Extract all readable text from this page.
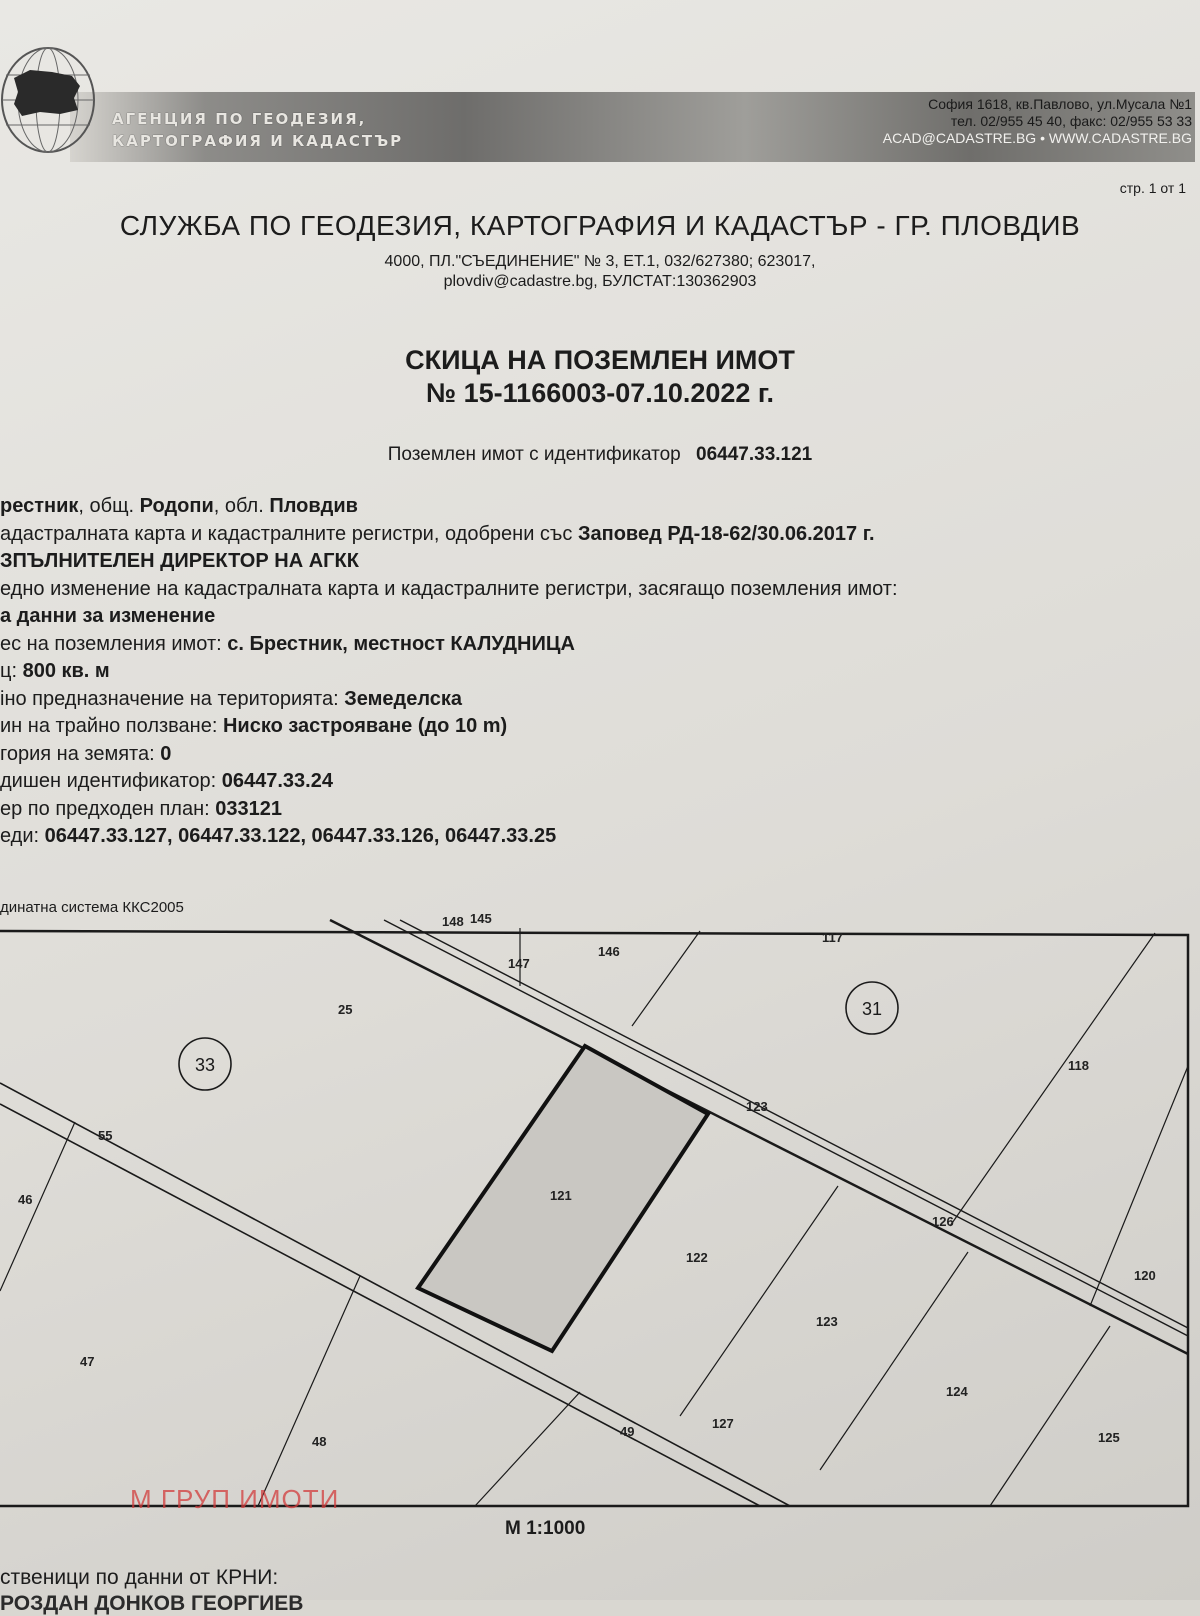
АГЕНЦИЯ ПО ГЕОДЕЗИЯ,
КАРТОГРАФИЯ И КАДАСТЪР
София 1618, кв.Павлово, ул.Мусала №1
тел. 02/955 45 40, факс: 02/955 53 33
ACAD@CADASTRE.BG • WWW.CADASTRE.BG
стр. 1 от 1
СЛУЖБА ПО ГЕОДЕЗИЯ, КАРТОГРАФИЯ И КАДАСТЪР - ГР. ПЛОВДИВ
4000, ПЛ."СЪЕДИНЕНИЕ" № 3, ЕТ.1, 032/627380; 623017,
plovdiv@cadastre.bg, БУЛСТАТ:130362903
СКИЦА НА ПОЗЕМЛЕН ИМОТ
№ 15-1166003-07.10.2022 г.
Поземлен имот с идентификатор 06447.33.121
рестник, общ. Родопи, обл. Пловдив
адастралната карта и кадастралните регистри, одобрени със Заповед РД-18-62/30.06.2017 г.
ЗПЪЛНИТЕЛЕН ДИРЕКТОР НА АГКК
едно изменение на кадастралната карта и кадастралните регистри, засягащо поземления имот:
а данни за изменение
ес на поземления имот: с. Брестник, местност КАЛУДНИЦА
ц: 800 кв. м
іно предназначение на територията: Земеделска
ин на трайно ползване: Ниско застрояване (до 10 m)
гория на земята: 0
дишен идентификатор: 06447.33.24
ер по предходен план: 033121
еди: 06447.33.127, 06447.33.122, 06447.33.126, 06447.33.25
динатна система ККС2005
148 145
147
146
117
25
118
123
55
46	121
126
122
120
123
47
124
127
49
48	125
33
31
М ГРУП ИМОТИ
М 1:1000
ственици по данни от КРНИ:
РОЗДАН ДОНКОВ ГЕОРГИЕВ
